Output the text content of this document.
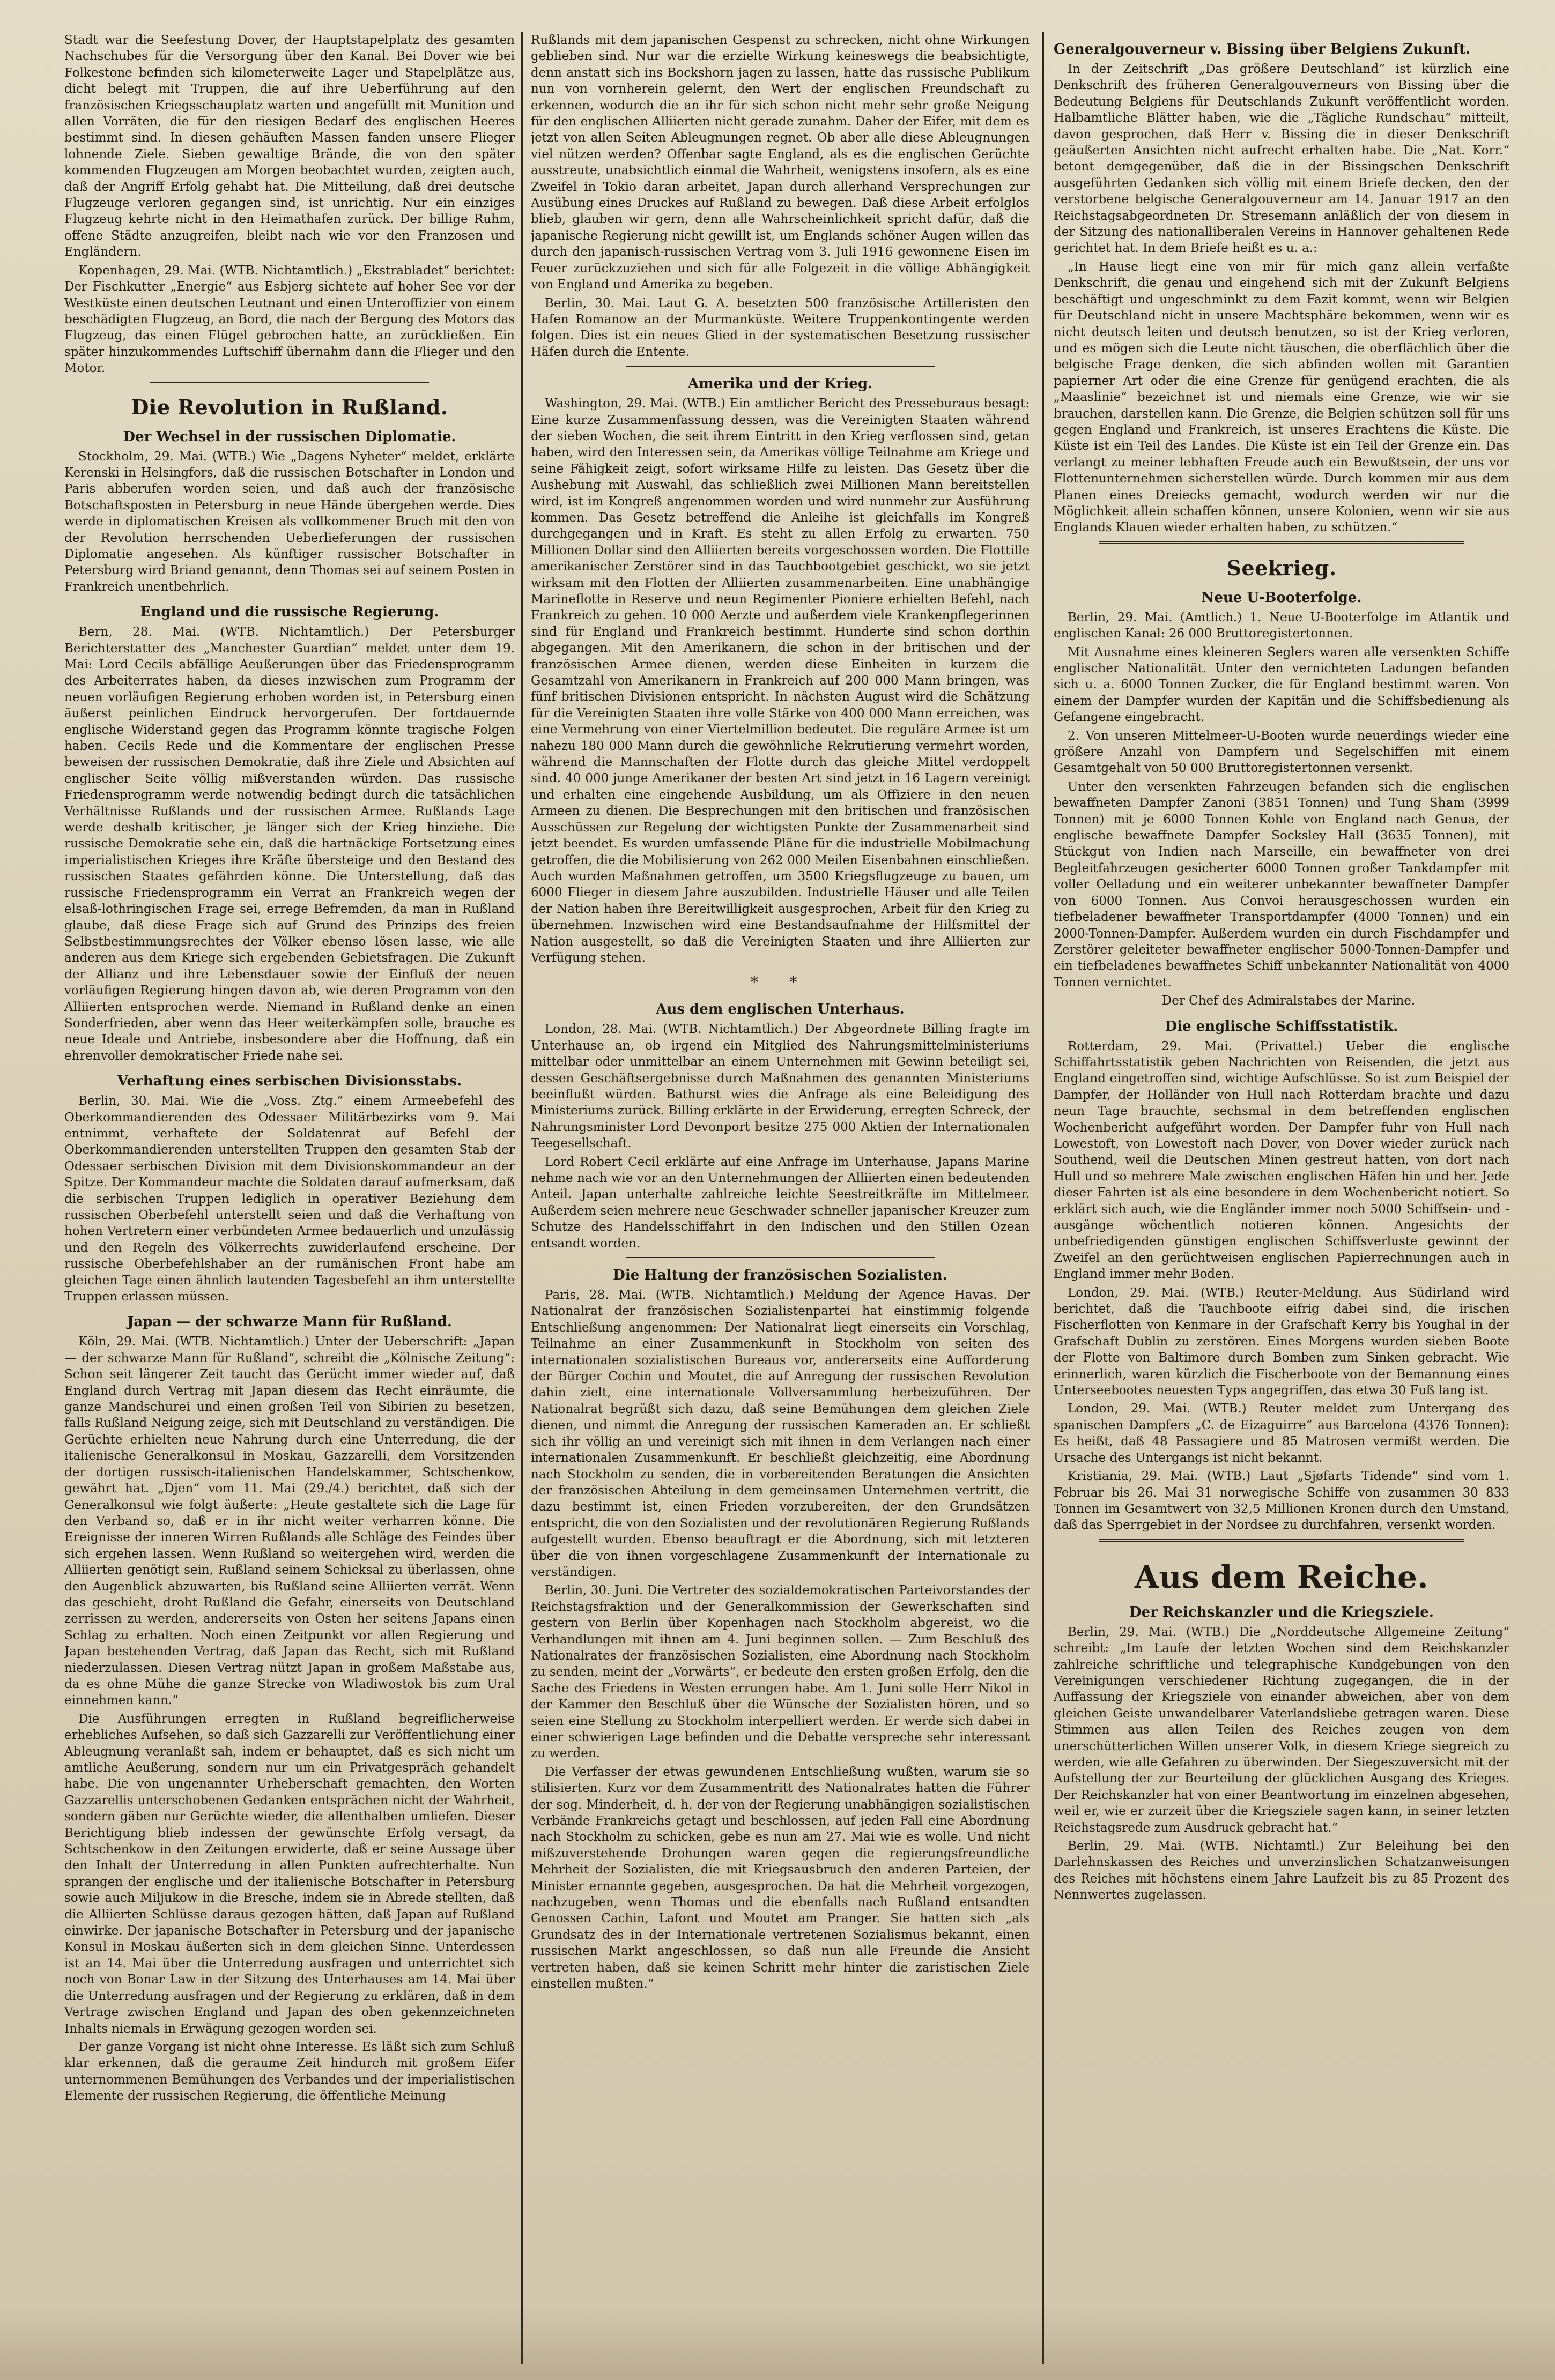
Stadt war die Seefestung Dover, der Hauptstapelplatz des gesamten Nachschubes für die Versorgung über den Kanal. Bei Dover wie bei Folkestone befinden sich kilometerweite Lager und Stapelplätze aus, dicht belegt mit Truppen, die auf ihre Ueberführung auf den französischen Kriegsschauplatz warten und angefüllt mit Munition und allen Vorräten, die für den riesigen Bedarf des englischen Heeres bestimmt sind. In diesen gehäuften Massen fanden unsere Flieger lohnende Ziele. Sieben gewaltige Brände, die von den später kommenden Flugzeugen am Morgen beobachtet wurden, zeigten auch, daß der Angriff Erfolg gehabt hat. Die Mitteilung, daß drei deutsche Flugzeuge verloren gegangen sind, ist unrichtig. Nur ein einziges Flugzeug kehrte nicht in den Heimathafen zurück. Der billige Ruhm, offene Städte anzugreifen, bleibt nach wie vor den Franzosen und Engländern.

Kopenhagen, 29. Mai. (WTB. Nichtamtlich.) „Ekstrabladet“ berichtet: Der Fischkutter „Energie“ aus Esbjerg sichtete auf hoher See vor der Westküste einen deutschen Leutnant und einen Unteroffizier von einem beschädigten Flugzeug, an Bord, die nach der Bergung des Motors das Flugzeug, das einen Flügel gebrochen hatte, an zurückließen. Ein später hinzukommendes Luftschiff übernahm dann die Flieger und den Motor.

Die Revolution in Rußland.
Der Wechsel in der russischen Diplomatie.

Stockholm, 29. Mai. (WTB.) Wie „Dagens Nyheter“ meldet, erklärte Kerenski in Helsingfors, daß die russischen Botschafter in London und Paris abberufen worden seien, und daß auch der französische Botschaftsposten in Petersburg in neue Hände übergehen werde. Dies werde in diplomatischen Kreisen als vollkommener Bruch mit den von der Revolution herrschenden Ueberlieferungen der russischen Diplomatie angesehen. Als künftiger russischer Botschafter in Petersburg wird Briand genannt, denn Thomas sei auf seinem Posten in Frankreich unentbehrlich.

England und die russische Regierung.

Bern, 28. Mai. (WTB. Nichtamtlich.) Der Petersburger Berichterstatter des „Manchester Guardian“ meldet unter dem 19. Mai: Lord Cecils abfällige Aeußerungen über das Friedensprogramm des Arbeiterrates haben, da dieses inzwischen zum Programm der neuen vorläufigen Regierung erhoben worden ist, in Petersburg einen äußerst peinlichen Eindruck hervorgerufen. Der fortdauernde englische Widerstand gegen das Programm könnte tragische Folgen haben. Cecils Rede und die Kommentare der englischen Presse beweisen der russischen Demokratie, daß ihre Ziele und Absichten auf englischer Seite völlig mißverstanden würden. Das russische Friedensprogramm werde notwendig bedingt durch die tatsächlichen Verhältnisse Rußlands und der russischen Armee. Rußlands Lage werde deshalb kritischer, je länger sich der Krieg hinziehe. Die russische Demokratie sehe ein, daß die hartnäckige Fortsetzung eines imperialistischen Krieges ihre Kräfte übersteige und den Bestand des russischen Staates gefährden könne. Die Unterstellung, daß das russische Friedensprogramm ein Verrat an Frankreich wegen der elsaß-lothringischen Frage sei, errege Befremden, da man in Rußland glaube, daß diese Frage sich auf Grund des Prinzips des freien Selbstbestimmungsrechtes der Völker ebenso lösen lasse, wie alle anderen aus dem Kriege sich ergebenden Gebietsfragen. Die Zukunft der Allianz und ihre Lebensdauer sowie der Einfluß der neuen vorläufigen Regierung hingen davon ab, wie deren Programm von den Alliierten entsprochen werde. Niemand in Rußland denke an einen Sonderfrieden, aber wenn das Heer weiterkämpfen solle, brauche es neue Ideale und Antriebe, insbesondere aber die Hoffnung, daß ein ehrenvoller demokratischer Friede nahe sei.

Verhaftung eines serbischen Divisionsstabs.

Berlin, 30. Mai. Wie die „Voss. Ztg.“ einem Armeebefehl des Oberkommandierenden des Odessaer Militärbezirks vom 9. Mai entnimmt, verhaftete der Soldatenrat auf Befehl der Oberkommandierenden unterstellten Truppen den gesamten Stab der Odessaer serbischen Division mit dem Divisionskommandeur an der Spitze. Der Kommandeur machte die Soldaten darauf aufmerksam, daß die serbischen Truppen lediglich in operativer Beziehung dem russischen Oberbefehl unterstellt seien und daß die Verhaftung von hohen Vertretern einer verbündeten Armee bedauerlich und unzulässig und den Regeln des Völkerrechts zuwiderlaufend erscheine. Der russische Oberbefehlshaber an der rumänischen Front habe am gleichen Tage einen ähnlich lautenden Tagesbefehl an ihm unterstellte Truppen erlassen müssen.

Japan — der schwarze Mann für Rußland.

Köln, 29. Mai. (WTB. Nichtamtlich.) Unter der Ueberschrift: „Japan — der schwarze Mann für Rußland“, schreibt die „Kölnische Zeitung“: Schon seit längerer Zeit taucht das Gerücht immer wieder auf, daß England durch Vertrag mit Japan diesem das Recht einräumte, die ganze Mandschurei und einen großen Teil von Sibirien zu besetzen, falls Rußland Neigung zeige, sich mit Deutschland zu verständigen. Die Gerüchte erhielten neue Nahrung durch eine Unterredung, die der italienische Generalkonsul in Moskau, Gazzarelli, dem Vorsitzenden der dortigen russisch-italienischen Handelskammer, Schtschenkow, gewährt hat. „Djen“ vom 11. Mai (29./4.) berichtet, daß sich der Generalkonsul wie folgt äußerte: „Heute gestaltete sich die Lage für den Verband so, daß er in ihr nicht weiter verharren könne. Die Ereignisse der inneren Wirren Rußlands alle Schläge des Feindes über sich ergehen lassen. Wenn Rußland so weitergehen wird, werden die Alliierten genötigt sein, Rußland seinem Schicksal zu überlassen, ohne den Augenblick abzuwarten, bis Rußland seine Alliierten verrät. Wenn das geschieht, droht Rußland die Gefahr, einerseits von Deutschland zerrissen zu werden, andererseits von Osten her seitens Japans einen Schlag zu erhalten. Noch einen Zeitpunkt vor allen Regierung und Japan bestehenden Vertrag, daß Japan das Recht, sich mit Rußland niederzulassen. Diesen Vertrag nützt Japan in großem Maßstabe aus, da es ohne Mühe die ganze Strecke von Wladiwostok bis zum Ural einnehmen kann.“

Die Ausführungen erregten in Rußland begreiflicherweise erhebliches Aufsehen, so daß sich Gazzarelli zur Veröffentlichung einer Ableugnung veranlaßt sah, indem er behauptet, daß es sich nicht um amtliche Aeußerung, sondern nur um ein Privatgespräch gehandelt habe. Die von ungenannter Urheberschaft gemachten, den Worten Gazzarellis unterschobenen Gedanken entsprächen nicht der Wahrheit, sondern gäben nur Gerüchte wieder, die allenthalben umliefen. Dieser Berichtigung blieb indessen der gewünschte Erfolg versagt, da Schtschenkow in den Zeitungen erwiderte, daß er seine Aussage über den Inhalt der Unterredung in allen Punkten aufrechterhalte. Nun sprangen der englische und der italienische Botschafter in Petersburg sowie auch Miljukow in die Bresche, indem sie in Abrede stellten, daß die Alliierten Schlüsse daraus gezogen hätten, daß Japan auf Rußland einwirke. Der japanische Botschafter in Petersburg und der japanische Konsul in Moskau äußerten sich in dem gleichen Sinne. Unterdessen ist an 14. Mai über die Unterredung ausfragen und unterrichtet sich noch von Bonar Law in der Sitzung des Unterhauses am 14. Mai über die Unterredung ausfragen und der Regierung zu erklären, daß in dem Vertrage zwischen England und Japan des oben gekennzeichneten Inhalts niemals in Erwägung gezogen worden sei.

Der ganze Vorgang ist nicht ohne Interesse. Es läßt sich zum Schluß klar erkennen, daß die geraume Zeit hindurch mit großem Eifer unternommenen Bemühungen des Verbandes und der imperialistischen Elemente der russischen Regierung, die öffentliche Meinung

Rußlands mit dem japanischen Gespenst zu schrecken, nicht ohne Wirkungen geblieben sind. Nur war die erzielte Wirkung keineswegs die beabsichtigte, denn anstatt sich ins Bockshorn jagen zu lassen, hatte das russische Publikum nun von vornherein gelernt, den Wert der englischen Freundschaft zu erkennen, wodurch die an ihr für sich schon nicht mehr sehr große Neigung für den englischen Alliierten nicht gerade zunahm. Daher der Eifer, mit dem es jetzt von allen Seiten Ableugnungen regnet. Ob aber alle diese Ableugnungen viel nützen werden? Offenbar sagte England, als es die englischen Gerüchte ausstreute, unabsichtlich einmal die Wahrheit, wenigstens insofern, als es eine Zweifel in Tokio daran arbeitet, Japan durch allerhand Versprechungen zur Ausübung eines Druckes auf Rußland zu bewegen. Daß diese Arbeit erfolglos blieb, glauben wir gern, denn alle Wahrscheinlichkeit spricht dafür, daß die japanische Regierung nicht gewillt ist, um Englands schöner Augen willen das durch den japanisch-russischen Vertrag vom 3. Juli 1916 gewonnene Eisen im Feuer zurückzuziehen und sich für alle Folgezeit in die völlige Abhängigkeit von England und Amerika zu begeben.

Berlin, 30. Mai. Laut G. A. besetzten 500 französische Artilleristen den Hafen Romanow an der Murmanküste. Weitere Truppenkontingente werden folgen. Dies ist ein neues Glied in der systematischen Besetzung russischer Häfen durch die Entente.

Amerika und der Krieg.

Washington, 29. Mai. (WTB.) Ein amtlicher Bericht des Presseburaus besagt: Eine kurze Zusammenfassung dessen, was die Vereinigten Staaten während der sieben Wochen, die seit ihrem Eintritt in den Krieg verflossen sind, getan haben, wird den Interessen sein, da Amerikas völlige Teilnahme am Kriege und seine Fähigkeit zeigt, sofort wirksame Hilfe zu leisten. Das Gesetz über die Aushebung mit Auswahl, das schließlich zwei Millionen Mann bereitstellen wird, ist im Kongreß angenommen worden und wird nunmehr zur Ausführung kommen. Das Gesetz betreffend die Anleihe ist gleichfalls im Kongreß durchgegangen und in Kraft. Es steht zu allen Erfolg zu erwarten. 750 Millionen Dollar sind den Alliierten bereits vorgeschossen worden. Die Flottille amerikanischer Zerstörer sind in das Tauchbootgebiet geschickt, wo sie jetzt wirksam mit den Flotten der Alliierten zusammenarbeiten. Eine unabhängige Marineflotte in Reserve und neun Regimenter Pioniere erhielten Befehl, nach Frankreich zu gehen. 10 000 Aerzte und außerdem viele Krankenpflegerinnen sind für England und Frankreich bestimmt. Hunderte sind schon dorthin abgegangen. Mit den Amerikanern, die schon in der britischen und der französischen Armee dienen, werden diese Einheiten in kurzem die Gesamtzahl von Amerikanern in Frankreich auf 200 000 Mann bringen, was fünf britischen Divisionen entspricht. In nächsten August wird die Schätzung für die Vereinigten Staaten ihre volle Stärke von 400 000 Mann erreichen, was eine Vermehrung von einer Viertelmillion bedeutet. Die reguläre Armee ist um nahezu 180 000 Mann durch die gewöhnliche Rekrutierung vermehrt worden, während die Mannschaften der Flotte durch das gleiche Mittel verdoppelt sind. 40 000 junge Amerikaner der besten Art sind jetzt in 16 Lagern vereinigt und erhalten eine eingehende Ausbildung, um als Offiziere in den neuen Armeen zu dienen. Die Besprechungen mit den britischen und französischen Ausschüssen zur Regelung der wichtigsten Punkte der Zusammenarbeit sind jetzt beendet. Es wurden umfassende Pläne für die industrielle Mobilmachung getroffen, die die Mobilisierung von 262 000 Meilen Eisenbahnen einschließen. Auch wurden Maßnahmen getroffen, um 3500 Kriegsflugzeuge zu bauen, um 6000 Flieger in diesem Jahre auszubilden. Industrielle Häuser und alle Teilen der Nation haben ihre Bereitwilligkeit ausgesprochen, Arbeit für den Krieg zu übernehmen. Inzwischen wird eine Bestandsaufnahme der Hilfsmittel der Nation ausgestellt, so daß die Vereinigten Staaten und ihre Alliierten zur Verfügung stehen.

* *
Aus dem englischen Unterhaus.

London, 28. Mai. (WTB. Nichtamtlich.) Der Abgeordnete Billing fragte im Unterhause an, ob irgend ein Mitglied des Nahrungsmittelministeriums mittelbar oder unmittelbar an einem Unternehmen mit Gewinn beteiligt sei, dessen Geschäftsergebnisse durch Maßnahmen des genannten Ministeriums beeinflußt würden. Bathurst wies die Anfrage als eine Beleidigung des Ministeriums zurück. Billing erklärte in der Erwiderung, erregten Schreck, der Nahrungsminister Lord Devonport besitze 275 000 Aktien der Internationalen Teegesellschaft.

Lord Robert Cecil erklärte auf eine Anfrage im Unterhause, Japans Marine nehme nach wie vor an den Unternehmungen der Alliierten einen bedeutenden Anteil. Japan unterhalte zahlreiche leichte Seestreitkräfte im Mittelmeer. Außerdem seien mehrere neue Geschwader schneller japanischer Kreuzer zum Schutze des Handelsschiffahrt in den Indischen und den Stillen Ozean entsandt worden.

Die Haltung der französischen Sozialisten.

Paris, 28. Mai. (WTB. Nichtamtlich.) Meldung der Agence Havas. Der Nationalrat der französischen Sozialistenpartei hat einstimmig folgende Entschließung angenommen: Der Nationalrat liegt einerseits ein Vorschlag, Teilnahme an einer Zusammenkunft in Stockholm von seiten des internationalen sozialistischen Bureaus vor, andererseits eine Aufforderung der Bürger Cochin und Moutet, die auf Anregung der russischen Revolution dahin zielt, eine internationale Vollversammlung herbeizuführen. Der Nationalrat begrüßt sich dazu, daß seine Bemühungen dem gleichen Ziele dienen, und nimmt die Anregung der russischen Kameraden an. Er schließt sich ihr völlig an und vereinigt sich mit ihnen in dem Verlangen nach einer internationalen Zusammenkunft. Er beschließt gleichzeitig, eine Abordnung nach Stockholm zu senden, die in vorbereitenden Beratungen die Ansichten der französischen Abteilung in dem gemeinsamen Unternehmen vertritt, die dazu bestimmt ist, einen Frieden vorzubereiten, der den Grundsätzen entspricht, die von den Sozialisten und der revolutionären Regierung Rußlands aufgestellt wurden. Ebenso beauftragt er die Abordnung, sich mit letzteren über die von ihnen vorgeschlagene Zusammenkunft der Internationale zu verständigen.

Berlin, 30. Juni. Die Vertreter des sozialdemokratischen Parteivorstandes der Reichstagsfraktion und der Generalkommission der Gewerkschaften sind gestern von Berlin über Kopenhagen nach Stockholm abgereist, wo die Verhandlungen mit ihnen am 4. Juni beginnen sollen. — Zum Beschluß des Nationalrates der französischen Sozialisten, eine Abordnung nach Stockholm zu senden, meint der „Vorwärts“, er bedeute den ersten großen Erfolg, den die Sache des Friedens in Westen errungen habe. Am 1. Juni solle Herr Nikol in der Kammer den Beschluß über die Wünsche der Sozialisten hören, und so seien eine Stellung zu Stockholm interpelliert werden. Er werde sich dabei in einer schwierigen Lage befinden und die Debatte verspreche sehr interessant zu werden.

Die Verfasser der etwas gewundenen Entschließung wußten, warum sie so stilisierten. Kurz vor dem Zusammentritt des Nationalrates hatten die Führer der sog. Minderheit, d. h. der von der Regierung unabhängigen sozialistischen Verbände Frankreichs getagt und beschlossen, auf jeden Fall eine Abordnung nach Stockholm zu schicken, gebe es nun am 27. Mai wie es wolle. Und nicht mißzuverstehende Drohungen waren gegen die regierungsfreundliche Mehrheit der Sozialisten, die mit Kriegsausbruch den anderen Parteien, der Minister ernannte gegeben, ausgesprochen. Da hat die Mehrheit vorgezogen, nachzugeben, wenn Thomas und die ebenfalls nach Rußland entsandten Genossen Cachin, Lafont und Moutet am Pranger. Sie hatten sich „als Grundsatz des in der Internationale vertretenen Sozialismus bekannt, einen russischen Markt angeschlossen, so daß nun alle Freunde die Ansicht vertreten haben, daß sie keinen Schritt mehr hinter die zaristischen Ziele einstellen mußten.“

Generalgouverneur v. Bissing über Belgiens Zukunft.

In der Zeitschrift „Das größere Deutschland“ ist kürzlich eine Denkschrift des früheren Generalgouverneurs von Bissing über die Bedeutung Belgiens für Deutschlands Zukunft veröffentlicht worden. Halbamtliche Blätter haben, wie die „Tägliche Rundschau“ mitteilt, davon gesprochen, daß Herr v. Bissing die in dieser Denkschrift geäußerten Ansichten nicht aufrecht erhalten habe. Die „Nat. Korr.“ betont demgegenüber, daß die in der Bissingschen Denkschrift ausgeführten Gedanken sich völlig mit einem Briefe decken, den der verstorbene belgische Generalgouverneur am 14. Januar 1917 an den Reichstagsabgeordneten Dr. Stresemann anläßlich der von diesem in der Sitzung des nationalliberalen Vereins in Hannover gehaltenen Rede gerichtet hat. In dem Briefe heißt es u. a.:

„In Hause liegt eine von mir für mich ganz allein verfaßte Denkschrift, die genau und eingehend sich mit der Zukunft Belgiens beschäftigt und ungeschminkt zu dem Fazit kommt, wenn wir Belgien für Deutschland nicht in unsere Machtsphäre bekommen, wenn wir es nicht deutsch leiten und deutsch benutzen, so ist der Krieg verloren, und es mögen sich die Leute nicht täuschen, die oberflächlich über die belgische Frage denken, die sich abfinden wollen mit Garantien papierner Art oder die eine Grenze für genügend erachten, die als „Maaslinie“ bezeichnet ist und niemals eine Grenze, wie wir sie brauchen, darstellen kann. Die Grenze, die Belgien schützen soll für uns gegen England und Frankreich, ist unseres Erachtens die Küste. Die Küste ist ein Teil des Landes. Die Küste ist ein Teil der Grenze ein. Das verlangt zu meiner lebhaften Freude auch ein Bewußtsein, der uns vor Flottenunternehmen sicherstellen würde. Durch kommen mir aus dem Planen eines Dreiecks gemacht, wodurch werden wir nur die Möglichkeit allein schaffen können, unsere Kolonien, wenn wir sie aus Englands Klauen wieder erhalten haben, zu schützen.“

Seekrieg.
Neue U-Booterfolge.

Berlin, 29. Mai. (Amtlich.) 1. Neue U-Booterfolge im Atlantik und englischen Kanal: 26 000 Bruttoregistertonnen.

Mit Ausnahme eines kleineren Seglers waren alle versenkten Schiffe englischer Nationalität. Unter den vernichteten Ladungen befanden sich u. a. 6000 Tonnen Zucker, die für England bestimmt waren. Von einem der Dampfer wurden der Kapitän und die Schiffsbedienung als Gefangene eingebracht.

2. Von unseren Mittelmeer-U-Booten wurde neuerdings wieder eine größere Anzahl von Dampfern und Segelschiffen mit einem Gesamtgehalt von 50 000 Bruttoregistertonnen versenkt.

Unter den versenkten Fahrzeugen befanden sich die englischen bewaffneten Dampfer Zanoni (3851 Tonnen) und Tung Sham (3999 Tonnen) mit je 6000 Tonnen Kohle von England nach Genua, der englische bewaffnete Dampfer Socksley Hall (3635 Tonnen), mit Stückgut von Indien nach Marseille, ein bewaffneter von drei Begleitfahrzeugen gesicherter 6000 Tonnen großer Tankdampfer mit voller Oelladung und ein weiterer unbekannter bewaffneter Dampfer von 6000 Tonnen. Aus Convoi herausgeschossen wurden ein tiefbeladener bewaffneter Transportdampfer (4000 Tonnen) und ein 2000-Tonnen-Dampfer. Außerdem wurden ein durch Fischdampfer und Zerstörer geleiteter bewaffneter englischer 5000-Tonnen-Dampfer und ein tiefbeladenes bewaffnetes Schiff unbekannter Nationalität von 4000 Tonnen vernichtet.

Der Chef des Admiralstabes der Marine.

Die englische Schiffsstatistik.

Rotterdam, 29. Mai. (Privattel.) Ueber die englische Schiffahrtsstatistik geben Nachrichten von Reisenden, die jetzt aus England eingetroffen sind, wichtige Aufschlüsse. So ist zum Beispiel der Dampfer, der Holländer von Hull nach Rotterdam brachte und dazu neun Tage brauchte, sechsmal in dem betreffenden englischen Wochenbericht aufgeführt worden. Der Dampfer fuhr von Hull nach Lowestoft, von Lowestoft nach Dover, von Dover wieder zurück nach Southend, weil die Deutschen Minen gestreut hatten, von dort nach Hull und so mehrere Male zwischen englischen Häfen hin und her. Jede dieser Fahrten ist als eine besondere in dem Wochenbericht notiert. So erklärt sich auch, wie die Engländer immer noch 5000 Schiffsein- und -ausgänge wöchentlich notieren können. Angesichts der unbefriedigenden günstigen englischen Schiffsverluste gewinnt der Zweifel an den gerüchtweisen englischen Papierrechnungen auch in England immer mehr Boden.

London, 29. Mai. (WTB.) Reuter-Meldung. Aus Südirland wird berichtet, daß die Tauchboote eifrig dabei sind, die irischen Fischerflotten von Kenmare in der Grafschaft Kerry bis Youghal in der Grafschaft Dublin zu zerstören. Eines Morgens wurden sieben Boote der Flotte von Baltimore durch Bomben zum Sinken gebracht. Wie erinnerlich, waren kürzlich die Fischerboote von der Bemannung eines Unterseebootes neuesten Typs angegriffen, das etwa 30 Fuß lang ist.

London, 29. Mai. (WTB.) Reuter meldet zum Untergang des spanischen Dampfers „C. de Eizaguirre“ aus Barcelona (4376 Tonnen): Es heißt, daß 48 Passagiere und 85 Matrosen vermißt werden. Die Ursache des Untergangs ist nicht bekannt.

Kristiania, 29. Mai. (WTB.) Laut „Sjøfarts Tidende“ sind vom 1. Februar bis 26. Mai 31 norwegische Schiffe von zusammen 30 833 Tonnen im Gesamtwert von 32,5 Millionen Kronen durch den Umstand, daß das Sperrgebiet in der Nordsee zu durchfahren, versenkt worden.

Aus dem Reiche.
Der Reichskanzler und die Kriegsziele.

Berlin, 29. Mai. (WTB.) Die „Norddeutsche Allgemeine Zeitung“ schreibt: „Im Laufe der letzten Wochen sind dem Reichskanzler zahlreiche schriftliche und telegraphische Kundgebungen von den Vereinigungen verschiedener Richtung zugegangen, die in der Auffassung der Kriegsziele von einander abweichen, aber von dem gleichen Geiste unwandelbarer Vaterlandsliebe getragen waren. Diese Stimmen aus allen Teilen des Reiches zeugen von dem unerschütterlichen Willen unserer Volk, in diesem Kriege siegreich zu werden, wie alle Gefahren zu überwinden. Der Siegeszuversicht mit der Aufstellung der zur Beurteilung der glücklichen Ausgang des Krieges. Der Reichskanzler hat von einer Beantwortung im einzelnen abgesehen, weil er, wie er zurzeit über die Kriegsziele sagen kann, in seiner letzten Reichstagsrede zum Ausdruck gebracht hat.“

Berlin, 29. Mai. (WTB. Nichtamtl.) Zur Beleihung bei den Darlehnskassen des Reiches und unverzinslichen Schatzanweisungen des Reiches mit höchstens einem Jahre Laufzeit bis zu 85 Prozent des Nennwertes zugelassen.
